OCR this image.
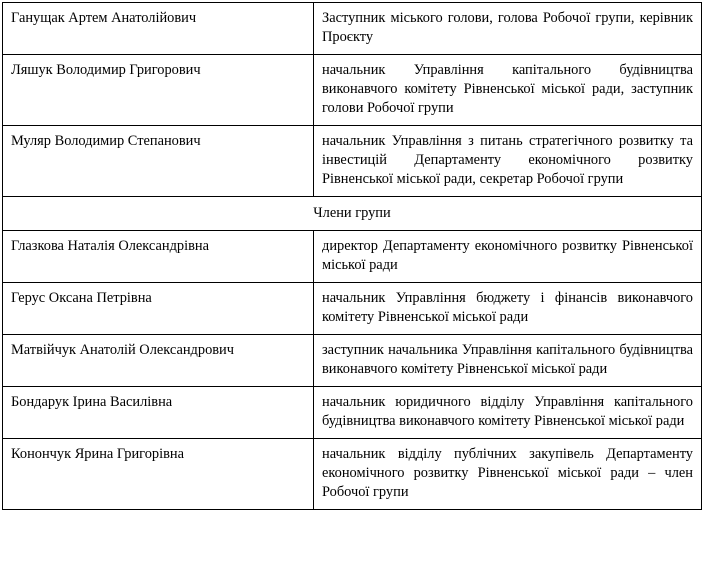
Ганущак Артем Анатолійович	Заступник міського голови, голова Робочої групи, керівник Проєкту
Ляшук Володимир Григорович	начальник Управління капітального будівництва виконавчого комітету Рівненської міської ради, заступник голови Робочої групи
Муляр Володимир Степанович	начальник Управління з питань стратегічного розвитку та інвестицій Департаменту економічного розвитку Рівненської міської ради, секретар Робочої групи
Члени групи	
Глазкова Наталія Олександрівна	директор Департаменту економічного розвитку Рівненської міської ради
Герус Оксана Петрівна	начальник Управління бюджету і фінансів виконавчого комітету Рівненської міської ради
Матвійчук Анатолій Олександрович	заступник начальника Управління капітального будівництва виконавчого комітету Рівненської міської ради
Бондарук Ірина Василівна	начальник юридичного відділу Управління капітального будівництва виконавчого комітету Рівненської міської ради
Конончук Ярина Григорівна	начальник відділу публічних закупівель Департаменту економічного розвитку Рівненської міської ради – член Робочої групи
